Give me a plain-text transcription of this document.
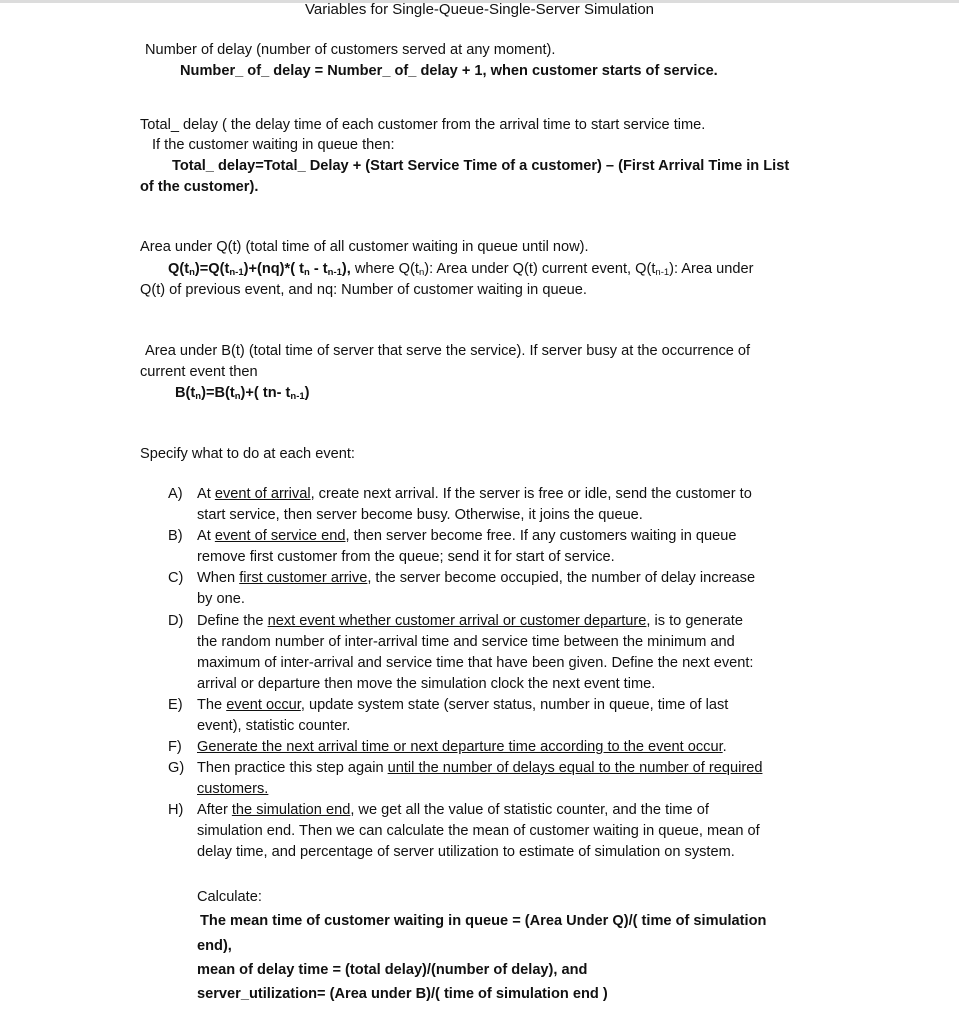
Variables for Single-Queue-Single-Server Simulation
Number of delay (number of customers served at any moment).
Number_ of_ delay = Number_ of_ delay + 1, when customer starts of service.
Total_ delay ( the delay time of each customer from the arrival time to start service time.
If the customer waiting in queue then:
Total_ delay=Total_ Delay + (Start Service Time of a customer) – (First Arrival Time in List
of the customer).
Area under Q(t) (total time of all customer waiting in queue until now).
$Q(t_n)=Q(t_{n-1})+(nq)*$( $t_n - t_{n-1}$), where $Q(t_n)$: Area under Q(t) current event, $Q(t_{n-1})$: Area under
Q(t) of previous event, and nq: Number of customer waiting in queue.
Area under B(t) (total time of server that serve the service). If server busy at the occurrence of
current event then
$B(t_n)=B(t_n)+$( tn- $t_{n-1}$)
Specify what to do at each event:
A) At event of arrival, create next arrival. If the server is free or idle, send the customer to
start service, then server become busy. Otherwise, it joins the queue.
B) At event of service end, then server become free. If any customers waiting in queue
remove first customer from the queue; send it for start of service.
C) When first customer arrive, the server become occupied, the number of delay increase
by one.
D) Define the next event whether customer arrival or customer departure, is to generate
the random number of inter-arrival time and service time between the minimum and
maximum of inter-arrival and service time that have been given. Define the next event:
arrival or departure then move the simulation clock the next event time.
E) The event occur, update system state (server status, number in queue, time of last
event), statistic counter.
F) Generate the next arrival time or next departure time according to the event occur.
G) Then practice this step again until the number of delays equal to the number of required
customers.
H) After the simulation end, we get all the value of statistic counter, and the time of
simulation end. Then we can calculate the mean of customer waiting in queue, mean of
delay time, and percentage of server utilization to estimate of simulation on system.
Calculate:
The mean time of customer waiting in queue = (Area Under Q)/( time of simulation
end),
mean of delay time = (total delay)/(number of delay), and
server_utilization= (Area under B)/( time of simulation end )
